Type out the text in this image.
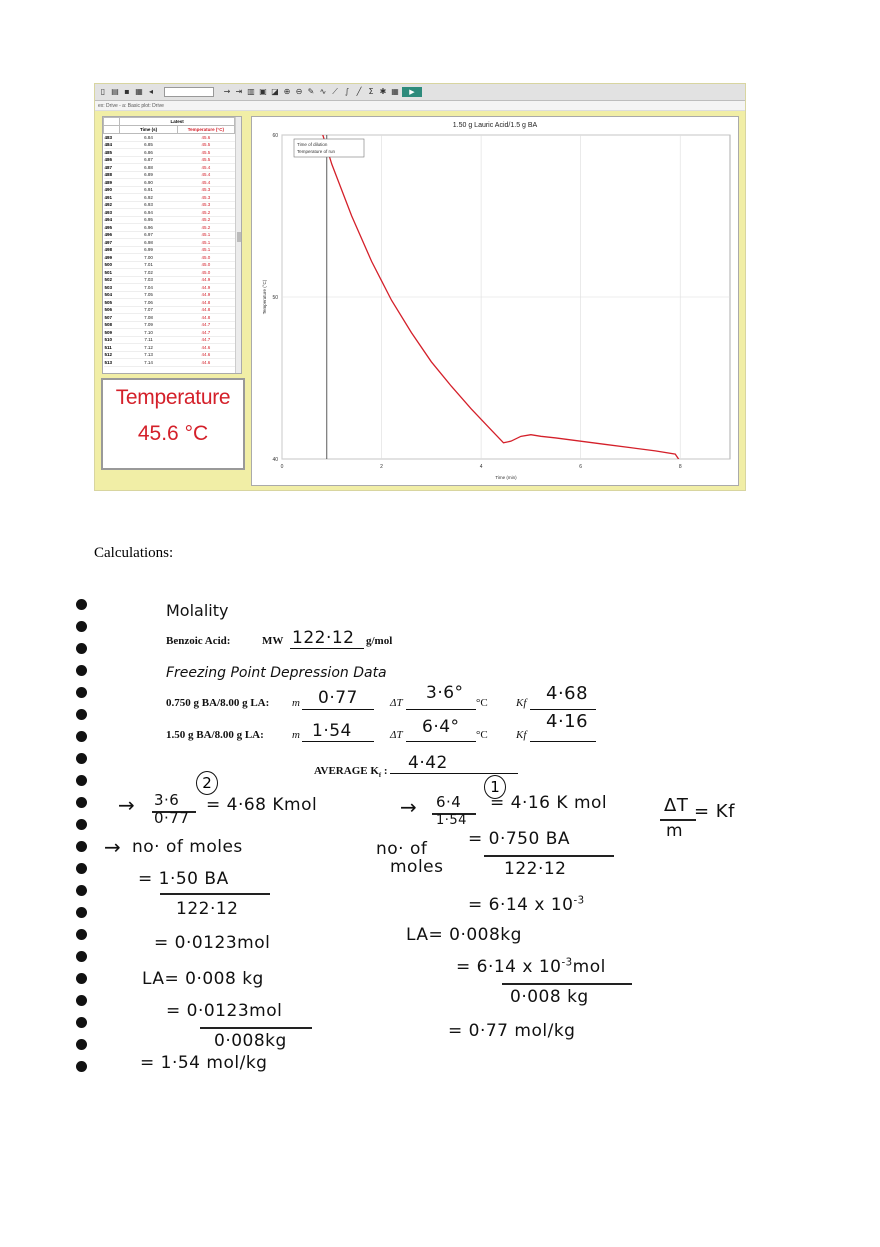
▯ ▤ ▪ ▦ ◂	→ ⇥ ▥ ▣ ◪ ⊕ ⊖ ✎ ∿ ⟋ ∫ ╱ Σ ✱ ▦	▶
ex: Drive - a: Basic plot: Drive
	Latest	
	Time (s)	Temperature (°C)
483	6.84	45.6
484	6.85	45.5
485	6.86	45.5
486	6.87	45.5
487	6.88	45.4
488	6.89	45.4
489	6.90	45.4
490	6.91	45.3
491	6.92	45.3
492	6.93	45.3
493	6.94	45.2
494	6.95	45.2
495	6.96	45.2
496	6.97	45.1
497	6.98	45.1
498	6.99	45.1
499	7.00	45.0
500	7.01	45.0
501	7.02	45.0
502	7.03	44.9
503	7.04	44.9
504	7.05	44.9
505	7.06	44.8
506	7.07	44.8
507	7.08	44.8
508	7.09	44.7
509	7.10	44.7
510	7.11	44.7
511	7.12	44.6
512	7.13	44.6
513	7.14	44.6
Temperature
45.6 °C
0	2	4	6	8
40
50
60
Time (min)
Temperature (°C)
Time of dilution
Temperature of run
1.50 g Lauric Acid/1.5 g BA
Calculations:
Molality
Benzoic Acid:	MW 122·12 g/mol
Freezing Point Depression Data
0.750 g BA/8.00 g LA: m 0·77	ΔT 3·6° °C	Kf 4·68
1.50 g BA/8.00 g LA:	m 1·54	ΔT 6·4° °C	Kf
4·16
AVERAGE $K_f$ : 4·42
2
→ 3·6
0·77
= 4·68 Kmol
→ no· of moles
= 1·50 BA
122·12
= 0·0123mol
LA= 0·008 kg
= 0·0123mol
0·008kg
= 1·54 mol/kg
1
→ 6·4
1·54
= 4·16 K mol	ΔT = Kf
m
no· of
moles
= 0·750 BA
122·12
= 6·14 x $10^{-3}$
LA= 0·008kg
= 6·14 x $10^{-3}mol$
0·008 kg
= 0·77 mol/kg
